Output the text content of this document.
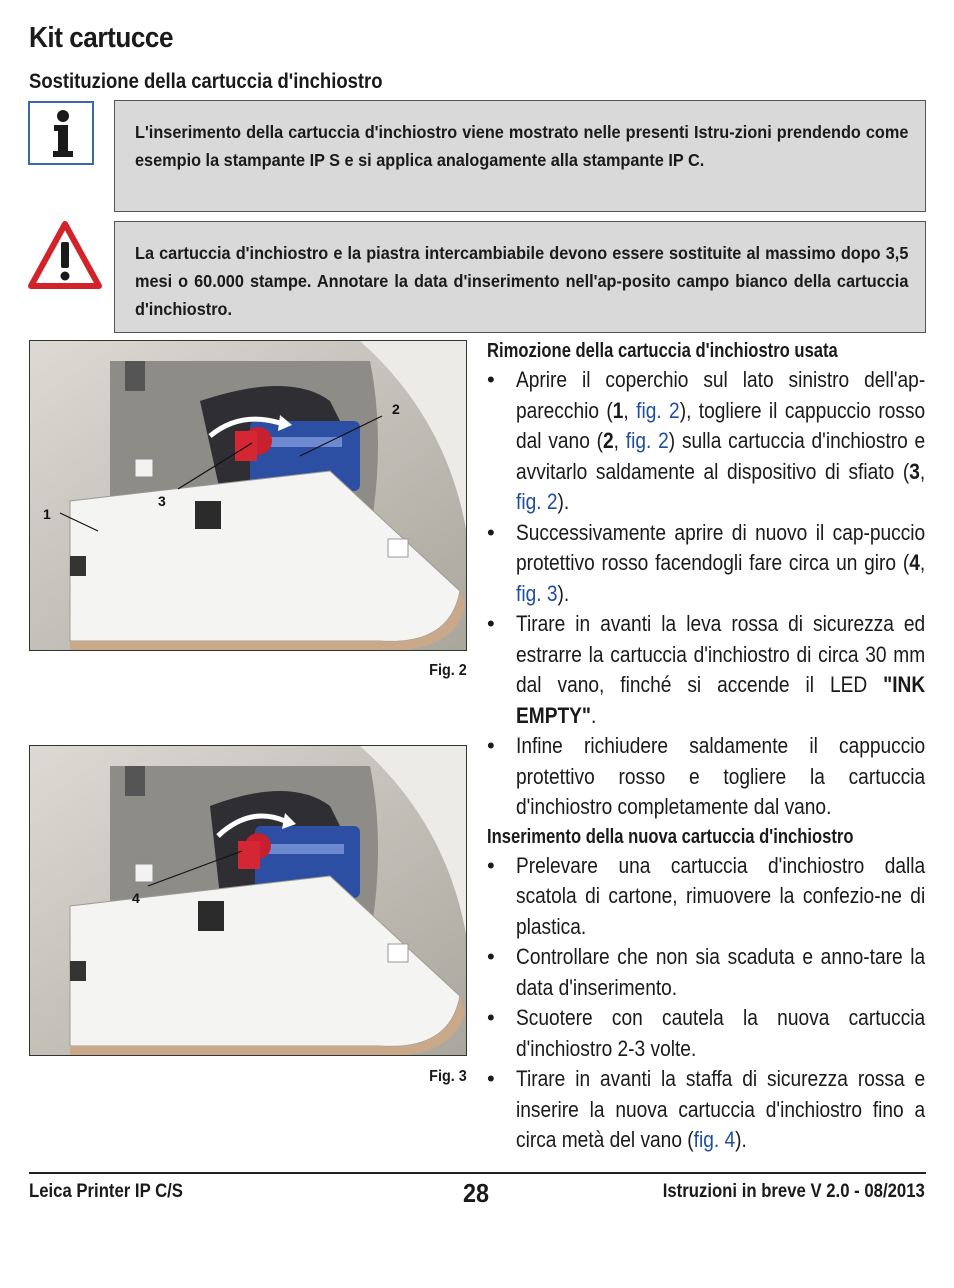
Kit cartucce
Sostituzione della cartuccia d'inchiostro
L'inserimento della cartuccia d'inchiostro viene mostrato nelle presenti Istru-zioni prendendo come esempio la stampante IP S e si applica analogamente alla stampante IP C.
La cartuccia d'inchiostro e la piastra intercambiabile devono essere sostituite al massimo dopo 3,5 mesi o 60.000 stampe. Annotare la data d'inserimento nell'ap-posito campo bianco della cartuccia d'inchiostro.
2
3
1
Fig. 2
4
Fig. 3
Rimozione della cartuccia d'inchiostro usata
• Aprire il coperchio sul lato sinistro dell'ap-parecchio (1, fig. 2), togliere il cappuccio rosso dal vano (2, fig. 2) sulla cartuccia d'inchiostro e avvitarlo saldamente al dispositivo di sfiato (3, fig. 2).
• Successivamente aprire di nuovo il cap-puccio protettivo rosso facendogli fare circa un giro (4, fig. 3).
• Tirare in avanti la leva rossa di sicurezza ed estrarre la cartuccia d'inchiostro di circa 30 mm dal vano, finché si accende il LED "INK EMPTY".
• Infine richiudere saldamente il cappuccio protettivo rosso e togliere la cartuccia d'inchiostro completamente dal vano.
Inserimento della nuova cartuccia d'inchiostro
• Prelevare una cartuccia d'inchiostro dalla scatola di cartone, rimuovere la confezio-ne di plastica.
• Controllare che non sia scaduta e anno-tare la data d'inserimento.
• Scuotere con cautela la nuova cartuccia d'inchiostro 2-3 volte.
• Tirare in avanti la staffa di sicurezza rossa e inserire la nuova cartuccia d'inchiostro fino a circa metà del vano (fig. 4).
Leica Printer IP C/S	28	Istruzioni in breve V 2.0 - 08/2013
